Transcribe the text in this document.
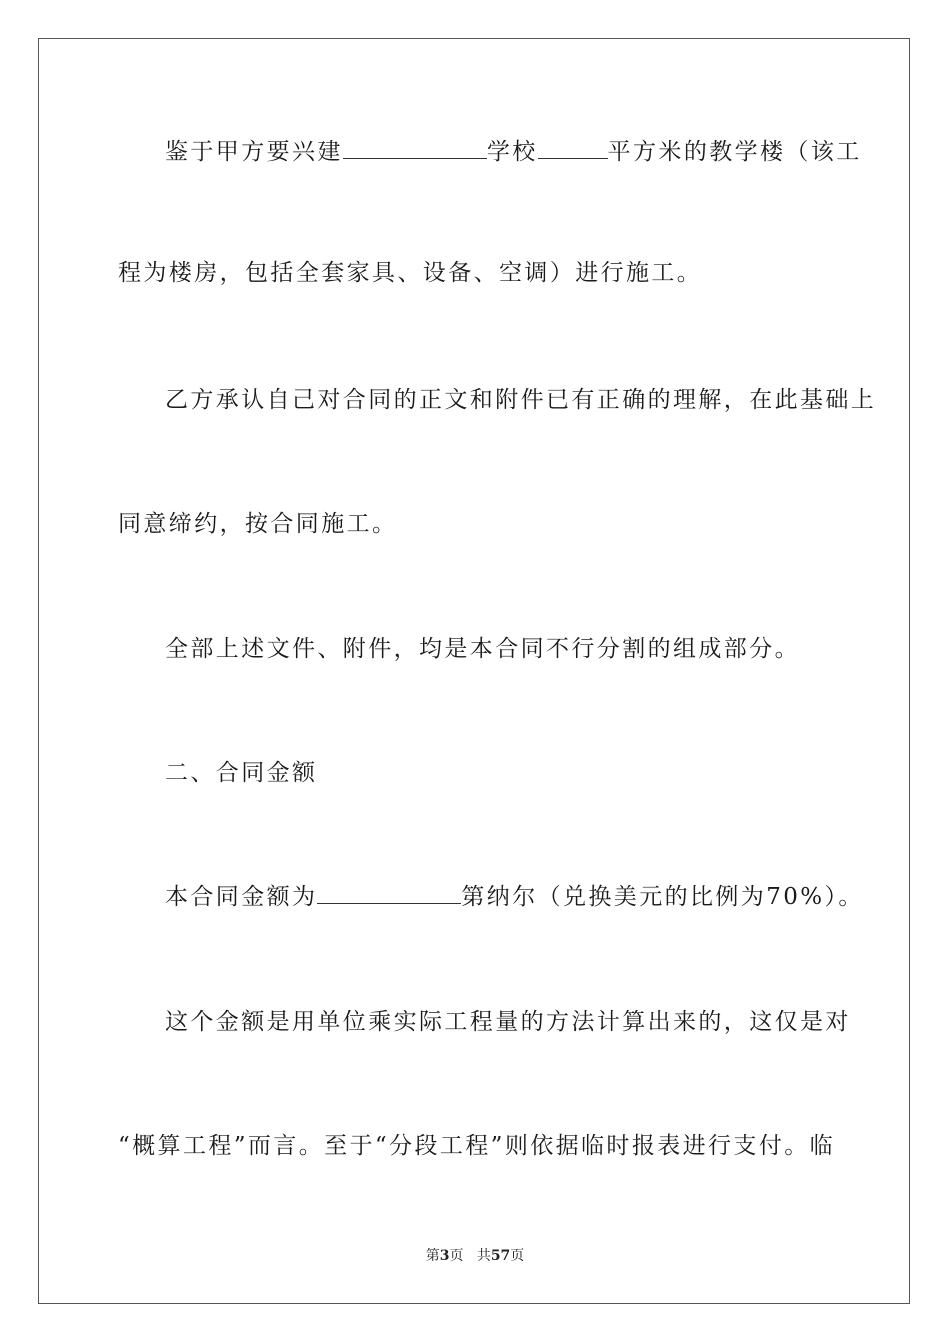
鉴于甲方要兴建	学校	平方米的教学楼（该工
程为楼房，包括全套家具、设备、空调）进行施工。
乙方承认自己对合同的正文和附件已有正确的理解，在此基础上
同意缔约，按合同施工。
全部上述文件、附件，均是本合同不行分割的组成部分。
二、合同金额
本合同金额为	第纳尔（兑换美元的比例为70%）。
这个金额是用单位乘实际工程量的方法计算出来的，这仅是对
“概算工程”而言。至于“分段工程”则依据临时报表进行支付。临
第3页 共57页
